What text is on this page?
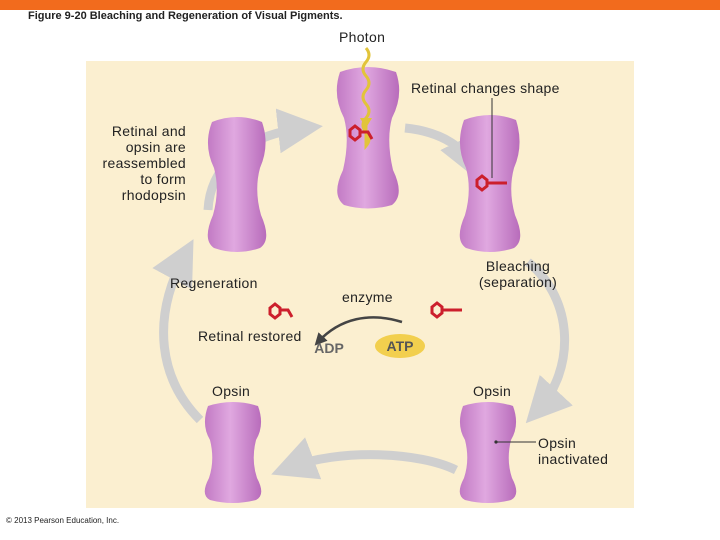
Figure 9-20 Bleaching and Regeneration of Visual Pigments.
ATP
ADP
Photon
Retinal changes shape
Retinal and
opsin are
reassembled
to form
rhodopsin
Regeneration
enzyme
Bleaching
(separation)
Retinal restored
Opsin	Opsin
Opsin
inactivated
© 2013 Pearson Education, Inc.
